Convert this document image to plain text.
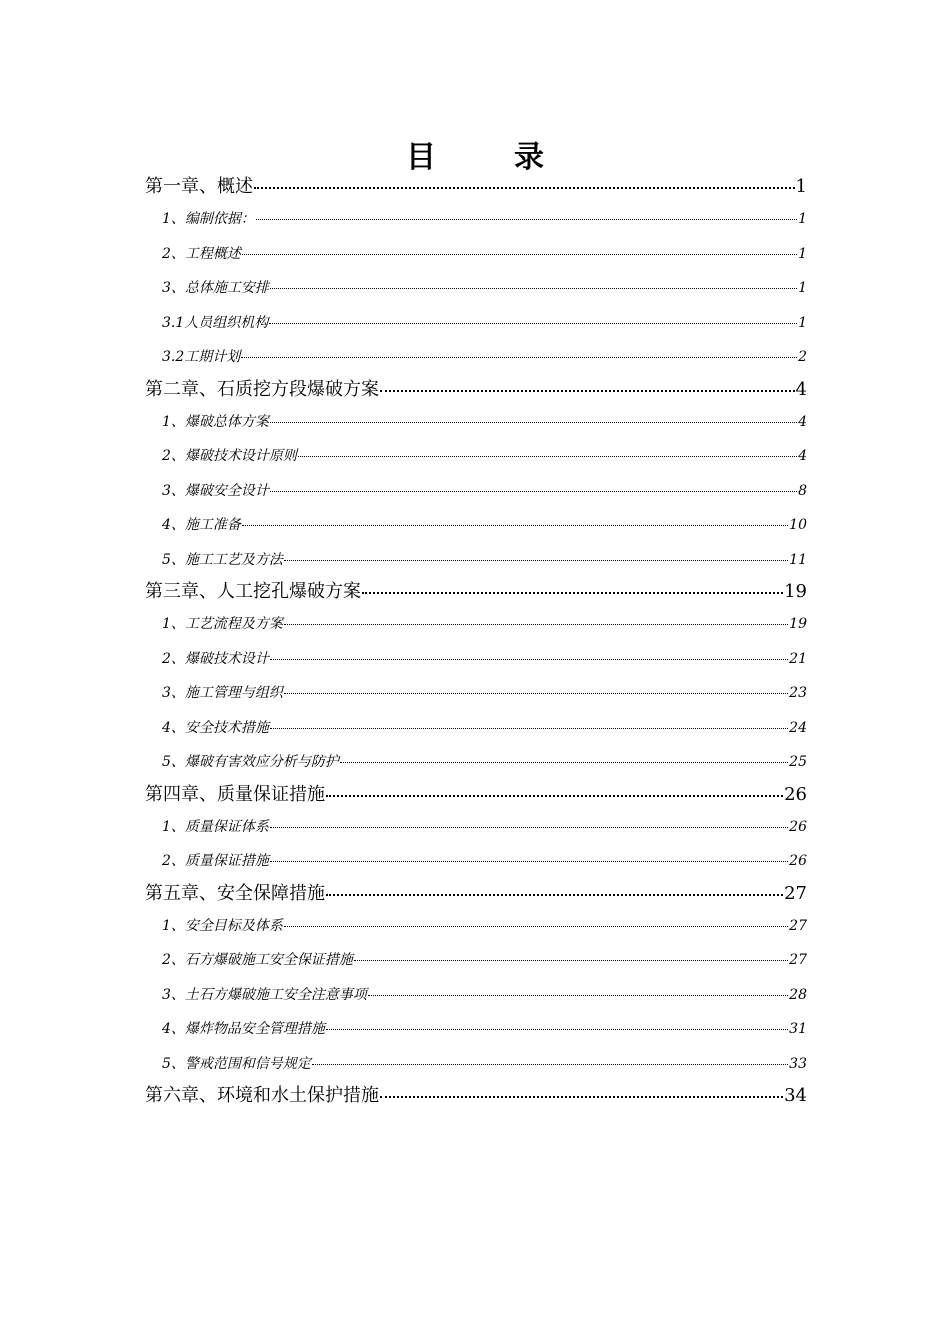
目　录
第一章、概述	1
1、编制依据：	1
2、工程概述	1
3、总体施工安排	1
3.1人员组织机构	1
3.2工期计划	2
第二章、石质挖方段爆破方案	4
1、爆破总体方案	4
2、爆破技术设计原则	4
3、爆破安全设计	8
4、施工准备	10
5、施工工艺及方法	11
第三章、人工挖孔爆破方案	19
1、工艺流程及方案	19
2、爆破技术设计	21
3、施工管理与组织	23
4、安全技术措施	24
5、爆破有害效应分析与防护	25
第四章、质量保证措施	26
1、质量保证体系	26
2、质量保证措施	26
第五章、安全保障措施	27
1、安全目标及体系	27
2、石方爆破施工安全保证措施	27
3、土石方爆破施工安全注意事项	28
4、爆炸物品安全管理措施	31
5、警戒范围和信号规定	33
第六章、环境和水土保护措施	34
